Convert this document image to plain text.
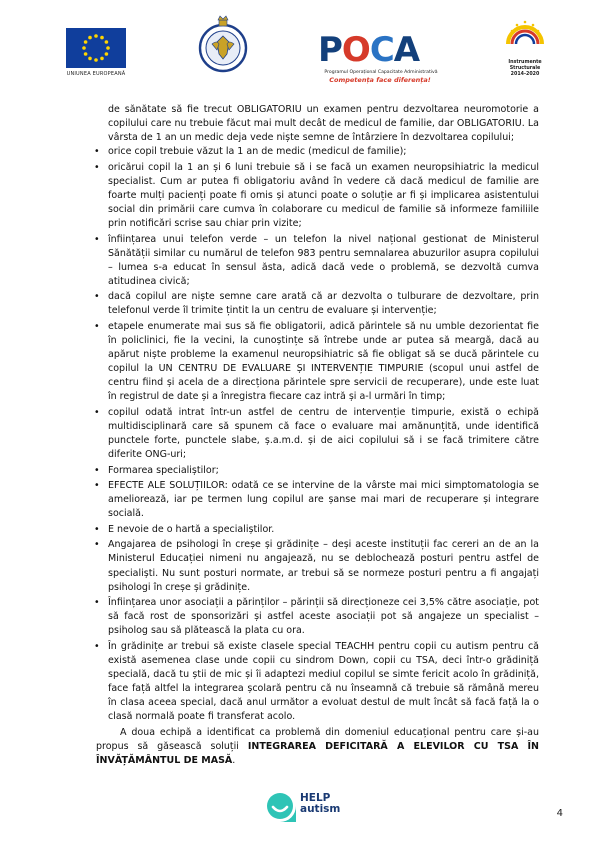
UNIUNEA EUROPEANĂ
POCA
Programul Operațional Capacitate Administrativă
Competența face diferența!
Instrumente Structurale
2014-2020

de sănătate să fie trecut OBLIGATORIU un examen pentru dezvoltarea neuromotorie a copilului care nu trebuie făcut mai mult decât de medicul de familie, dar OBLIGATORIU. La vârsta de 1 an un medic deja vede niște semne de întârziere în dezvoltarea copilului;

• orice copil trebuie văzut la 1 an de medic (medicul de familie);
• oricărui copil la 1 an și 6 luni trebuie să i se facă un examen neuropsihiatric la medicul specialist. Cum ar putea fi obligatoriu având în vedere că dacă medicul de familie are foarte mulți pacienți poate fi omis și atunci poate o soluție ar fi și implicarea asistentului social din primării care cumva în colaborare cu medicul de familie să informeze familiile prin notificări scrise sau chiar prin vizite;
• înființarea unui telefon verde – un telefon la nivel național gestionat de Ministerul Sănătății similar cu numărul de telefon 983 pentru semnalarea abuzurilor asupra copilului – lumea s-a educat în sensul ăsta, adică dacă vede o problemă, se dezvoltă cumva atitudinea civică;
• dacă copilul are niște semne care arată că ar dezvolta o tulburare de dezvoltare, prin telefonul verde îl trimite țintit la un centru de evaluare și intervenție;
• etapele enumerate mai sus să fie obligatorii, adică părintele să nu umble dezorientat fie în policlinici, fie la vecini, la cunoștințe să întrebe unde ar putea să meargă, dacă au apărut niște probleme la examenul neuropsihiatric să fie obligat să se ducă părintele cu copilul la UN CENTRU DE EVALUARE ȘI INTERVENȚIE TIMPURIE (scopul unui astfel de centru fiind și acela de a direcționa părintele spre servicii de recuperare), unde este luat în registrul de date și a înregistra fiecare caz intră și a-l urmări în timp;
• copilul odată intrat într-un astfel de centru de intervenție timpurie, există o echipă multidisciplinară care să spunem că face o evaluare mai amănunțită, unde identifică punctele forte, punctele slabe, ș.a.m.d. și de aici copilului să i se facă trimitere către diferite ONG-uri;
• Formarea specialiștilor;
• EFECTE ALE SOLUȚIILOR: odată ce se intervine de la vârste mai mici simptomatologia se ameliorează, iar pe termen lung copilul are șanse mai mari de recuperare și integrare socială.
• E nevoie de o hartă a specialiștilor.
• Angajarea de psihologi în creșe și grădinițe – deși aceste instituții fac cereri an de an la Ministerul Educației nimeni nu angajează, nu se deblochează posturi pentru astfel de specialiști. Nu sunt posturi normate, ar trebui să se normeze posturi pentru a fi angajați psihologi în creșe și grădinițe.
• Înființarea unor asociații a părinților – părinții să direcționeze cei 3,5% către asociație, pot să facă rost de sponsorizări și astfel aceste asociații pot să angajeze un specialist – psiholog sau să plătească la plata cu ora.
• În grădinițe ar trebui să existe clasele special TEACHH pentru copii cu autism pentru că există asemenea clase unde copii cu sindrom Down, copii cu TSA, deci într-o grădiniță specială, dacă tu știi de mic și îi adaptezi mediul copilul se simte fericit acolo în grădiniță, face față altfel la integrarea școlară pentru că nu înseamnă că trebuie să rămână mereu în clasa aceea special, dacă anul următor a evoluat destul de mult încât să facă față la o clasă normală poate fi transferat acolo.

A doua echipă a identificat ca problemă din domeniul educațional pentru care și-au propus să găsească soluții INTEGRAREA DEFICITARĂ A ELEVILOR CU TSA ÎN ÎNVĂȚĂMÂNTUL DE MASĂ.

HELP
autism	4
